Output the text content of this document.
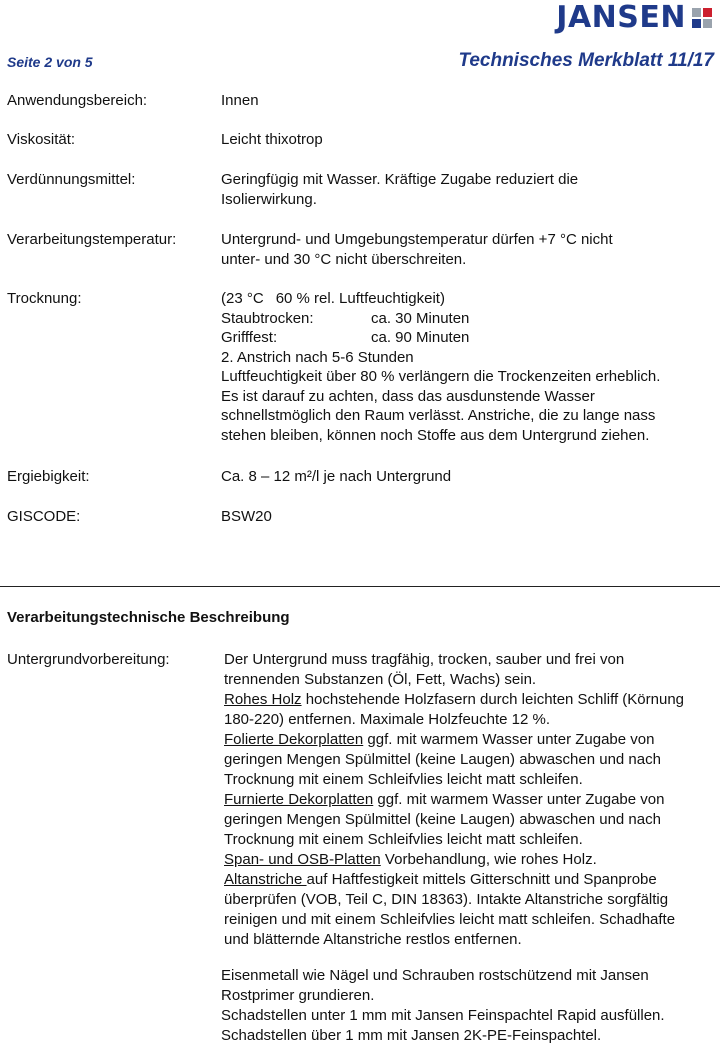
JANSEN
Seite 2 von 5	Technisches Merkblatt 11/17
Anwendungsbereich:	Innen
Viskosität:	Leicht thixotrop
Verdünnungsmittel:	Geringfügig mit Wasser. Kräftige Zugabe reduziert die
Isolierwirkung.
Verarbeitungstemperatur:	Untergrund- und Umgebungstemperatur dürfen +7 °C nicht
unter- und 30 °C nicht überschreiten.
Trocknung:	(23 °C 60 % rel. Luftfeuchtigkeit)
Staubtrocken:	ca. 30 Minuten
Grifffest:	ca. 90 Minuten
2. Anstrich nach 5-6 Stunden
Luftfeuchtigkeit über 80 % verlängern die Trockenzeiten erheblich.
Es ist darauf zu achten, dass das ausdunstende Wasser
schnellstmöglich den Raum verlässt. Anstriche, die zu lange nass
stehen bleiben, können noch Stoffe aus dem Untergrund ziehen.
Ergiebigkeit:	Ca. 8 – 12 m²/l je nach Untergrund
GISCODE:	BSW20
Verarbeitungstechnische Beschreibung
Untergrundvorbereitung:	Der Untergrund muss tragfähig, trocken, sauber und frei von
trennenden Substanzen (Öl, Fett, Wachs) sein.
Rohes Holz hochstehende Holzfasern durch leichten Schliff (Körnung
180-220) entfernen. Maximale Holzfeuchte 12 %.
Folierte Dekorplatten ggf. mit warmem Wasser unter Zugabe von
geringen Mengen Spülmittel (keine Laugen) abwaschen und nach
Trocknung mit einem Schleifvlies leicht matt schleifen.
Furnierte Dekorplatten ggf. mit warmem Wasser unter Zugabe von
geringen Mengen Spülmittel (keine Laugen) abwaschen und nach
Trocknung mit einem Schleifvlies leicht matt schleifen.
Span- und OSB-Platten Vorbehandlung, wie rohes Holz.
Altanstriche auf Haftfestigkeit mittels Gitterschnitt und Spanprobe
überprüfen (VOB, Teil C, DIN 18363). Intakte Altanstriche sorgfältig
reinigen und mit einem Schleifvlies leicht matt schleifen. Schadhafte
und blätternde Altanstriche restlos entfernen.
Eisenmetall wie Nägel und Schrauben rostschützend mit Jansen
Rostprimer grundieren.
Schadstellen unter 1 mm mit Jansen Feinspachtel Rapid ausfüllen.
Schadstellen über 1 mm mit Jansen 2K-PE-Feinspachtel.
